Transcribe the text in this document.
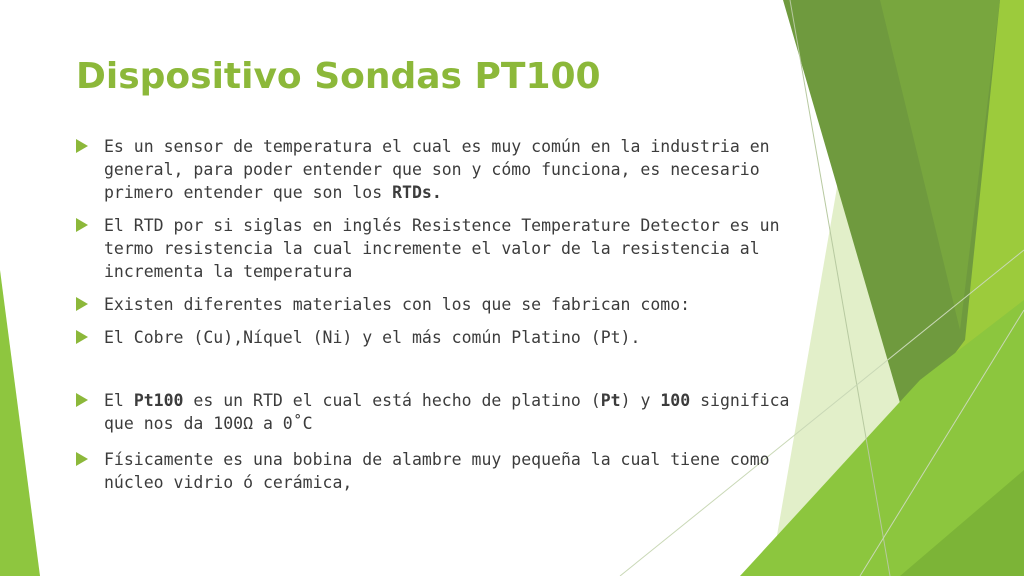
Dispositivo Sondas PT100
Es un sensor de temperatura el cual es muy común en la industria en general, para poder entender que son y cómo funciona, es necesario primero entender que son los RTDs.
El RTD por si siglas en inglés Resistence Temperature Detector es un termo resistencia la cual incremente el valor de la resistencia al incrementa la temperatura
Existen diferentes materiales con los que se fabrican como:
El Cobre (Cu),Níquel (Ni) y el más común Platino (Pt).
El Pt100 es un RTD el cual está hecho de platino (Pt) y 100 significa que nos da 100Ω a 0˚C
Físicamente es una bobina de alambre muy pequeña la cual tiene como núcleo vidrio ó cerámica,
